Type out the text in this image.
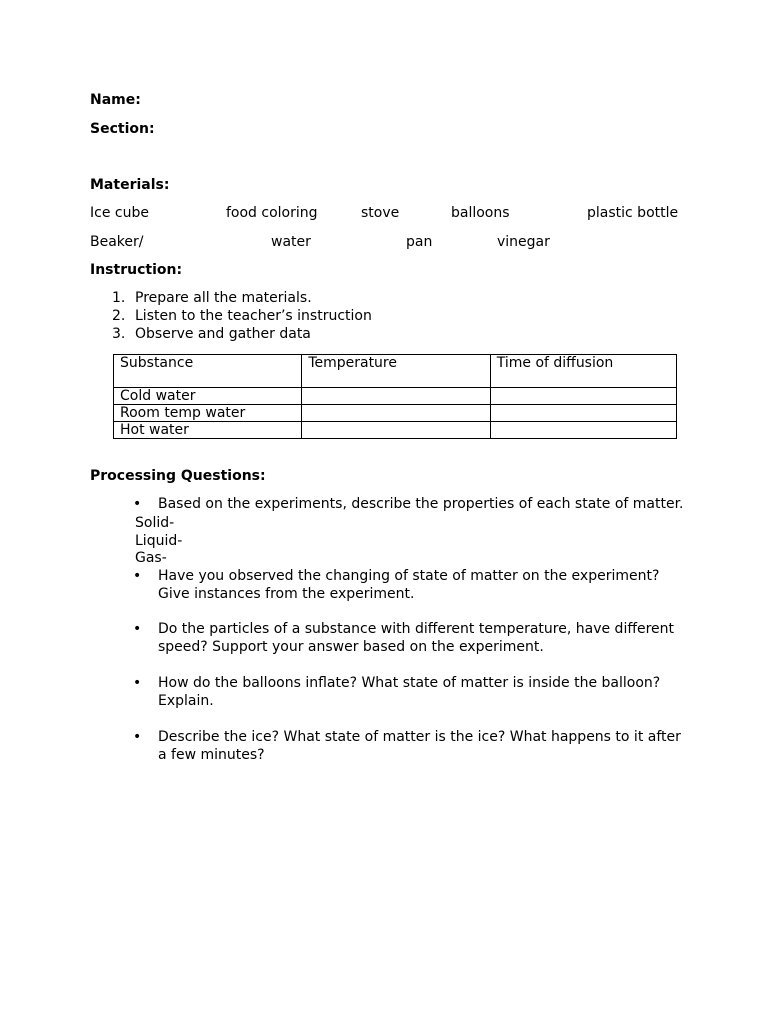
Name:
Section:
Materials:
Ice cube	food coloring	stove	balloons	plastic bottle
Beaker/	water	pan	vinegar
Instruction:
1. Prepare all the materials.
2. Listen to the teacher’s instruction
3. Observe and gather data
Substance	Temperature	Time of diffusion
Cold water		
Room temp water		
Hot water		
Processing Questions:
• Based on the experiments, describe the properties of each state of matter.
Solid-
Liquid-
Gas-
• Have you observed the changing of state of matter on the experiment? Give instances from the experiment.
• Do the particles of a substance with different temperature, have different speed? Support your answer based on the experiment.
• How do the balloons inflate? What state of matter is inside the balloon? Explain.
• Describe the ice? What state of matter is the ice? What happens to it after a few minutes?
